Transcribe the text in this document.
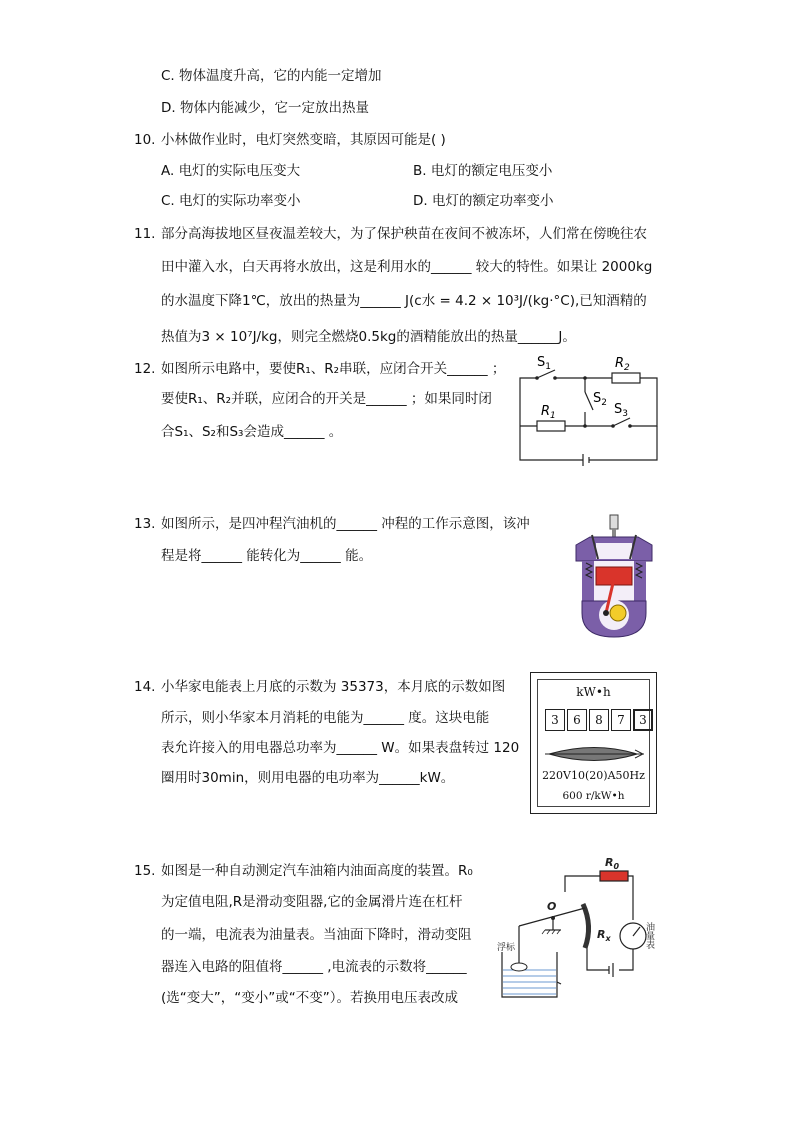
C. 物体温度升高，它的内能一定增加
D. 物体内能减少，它一定放出热量
10. 小林做作业时，电灯突然变暗，其原因可能是( )
A. 电灯的实际电压变大	B. 电灯的额定电压变小
C. 电灯的实际功率变小	D. 电灯的额定功率变小
11. 部分高海拔地区昼夜温差较大，为了保护秧苗在夜间不被冻坏，人们常在傍晚往农
田中灌入水，白天再将水放出，这是利用水的______ 较大的特性。如果让 2000kg
的水温度下降1℃，放出的热量为______ J(c水 = 4.2 × 10³J/(kg·°C),已知酒精的
热值为3 × 10⁷J/kg，则完全燃烧0.5kg的酒精能放出的热量______J。
12. 如图所示电路中，要使R₁、R₂串联，应闭合开关______ ；
要使R₁、R₂并联，应闭合的开关是______ ；如果同时闭
合S₁、S₂和S₃会造成______ 。
$S_1$	$R_2$
$S_2$
$R_1$	$S_3$
13. 如图所示，是四冲程汽油机的______ 冲程的工作示意图，该冲
程是将______ 能转化为______ 能。
14. 小华家电能表上月底的示数为 35373，本月底的示数如图
所示，则小华家本月消耗的电能为______ 度。这块电能
表允许接入的用电器总功率为______ W。如果表盘转过 120
圈用时30min，则用电器的电功率为______kW。
kW•h
3	6	8	7	3
220V10(20)A50Hz
600 r/kW•h
15. 如图是一种自动测定汽车油箱内油面高度的装置。R₀
为定值电阻,R是滑动变阻器,它的金属滑片连在杠杆
的一端，电流表为油量表。当油面下降时，滑动变阻
器连入电路的阻值将______ ,电流表的示数将______
(选“变大”，“变小”或“不变”）。若换用电压表改成
$R_0$
O
$R_x$
浮标	油量表
